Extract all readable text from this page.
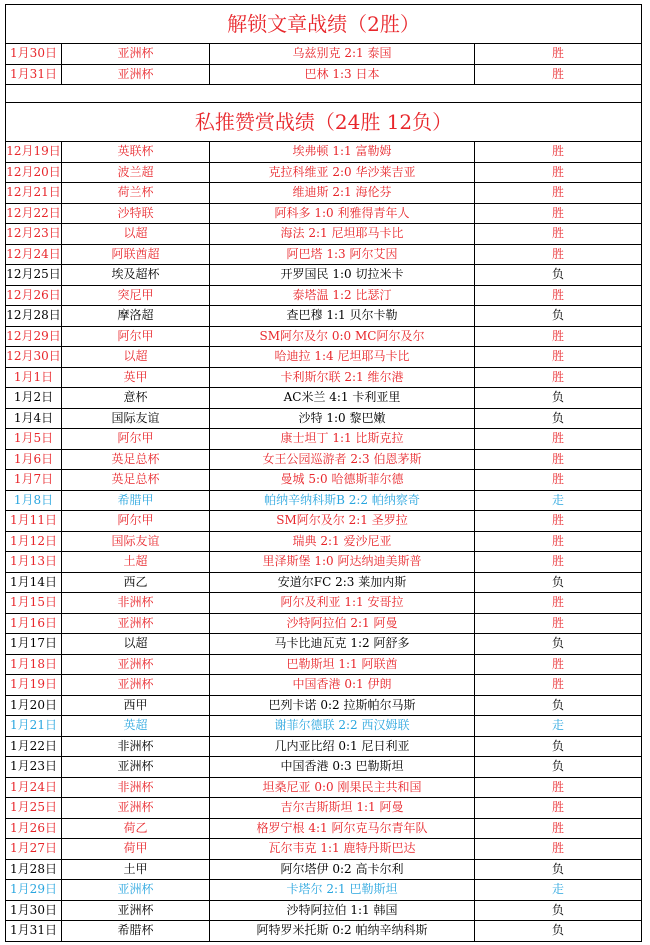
解锁文章战绩（2胜）			
1月30日	亚洲杯	乌兹别克 2:1 泰国	胜
1月31日	亚洲杯	巴林 1:3 日本	胜

私推赞赏战绩（24胜 12负）			
12月19日	英联杯	埃弗顿 1:1 富勒姆	胜
12月20日	波兰超	克拉科维亚 2:0 华沙莱吉亚	胜
12月21日	荷兰杯	维迪斯 2:1 海伦芬	胜
12月22日	沙特联	阿科多 1:0 利雅得青年人	胜
12月23日	以超	海法 2:1 尼坦耶马卡比	胜
12月24日	阿联酋超	阿巴塔 1:3 阿尔艾因	胜
12月25日	埃及超杯	开罗国民 1:0 切拉米卡	负
12月26日	突尼甲	泰塔温 1:2 比瑟汀	胜
12月28日	摩洛超	查巴穆 1:1 贝尔卡勒	负
12月29日	阿尔甲	SM阿尔及尔 0:0 MC阿尔及尔	胜
12月30日	以超	哈迪拉 1:4 尼坦耶马卡比	胜
1月1日	英甲	卡利斯尔联 2:1 维尔港	胜
1月2日	意杯	AC米兰 4:1 卡利亚里	负
1月4日	国际友谊	沙特 1:0 黎巴嫩	负
1月5日	阿尔甲	康士坦丁 1:1 比斯克拉	胜
1月6日	英足总杯	女王公园巡游者 2:3 伯恩茅斯	胜
1月7日	英足总杯	曼城 5:0 哈德斯菲尔德	胜
1月8日	希腊甲	帕纳辛纳科斯B 2:2 帕纳察奇	走
1月11日	阿尔甲	SM阿尔及尔 2:1 圣罗拉	胜
1月12日	国际友谊	瑞典 2:1 爱沙尼亚	胜
1月13日	土超	里泽斯堡 1:0 阿达纳迪美斯普	胜
1月14日	西乙	安道尔FC 2:3 莱加内斯	负
1月15日	非洲杯	阿尔及利亚 1:1 安哥拉	胜
1月16日	亚洲杯	沙特阿拉伯 2:1 阿曼	胜
1月17日	以超	马卡比迪瓦克 1:2 阿舒多	负
1月18日	亚洲杯	巴勒斯坦 1:1 阿联酋	胜
1月19日	亚洲杯	中国香港 0:1 伊朗	胜
1月20日	西甲	巴列卡诺 0:2 拉斯帕尔马斯	负
1月21日	英超	谢菲尔德联 2:2 西汉姆联	走
1月22日	非洲杯	几内亚比绍 0:1 尼日利亚	负
1月23日	亚洲杯	中国香港 0:3 巴勒斯坦	负
1月24日	非洲杯	坦桑尼亚 0:0 刚果民主共和国	胜
1月25日	亚洲杯	吉尔吉斯斯坦 1:1 阿曼	胜
1月26日	荷乙	格罗宁根 4:1 阿尔克马尔青年队	胜
1月27日	荷甲	瓦尔韦克 1:1 鹿特丹斯巴达	胜
1月28日	土甲	阿尔塔伊 0:2 高卡尔利	负
1月29日	亚洲杯	卡塔尔 2:1 巴勒斯坦	走
1月30日	亚洲杯	沙特阿拉伯 1:1 韩国	负
1月31日	希腊杯	阿特罗米托斯 0:2 帕纳辛纳科斯	负
